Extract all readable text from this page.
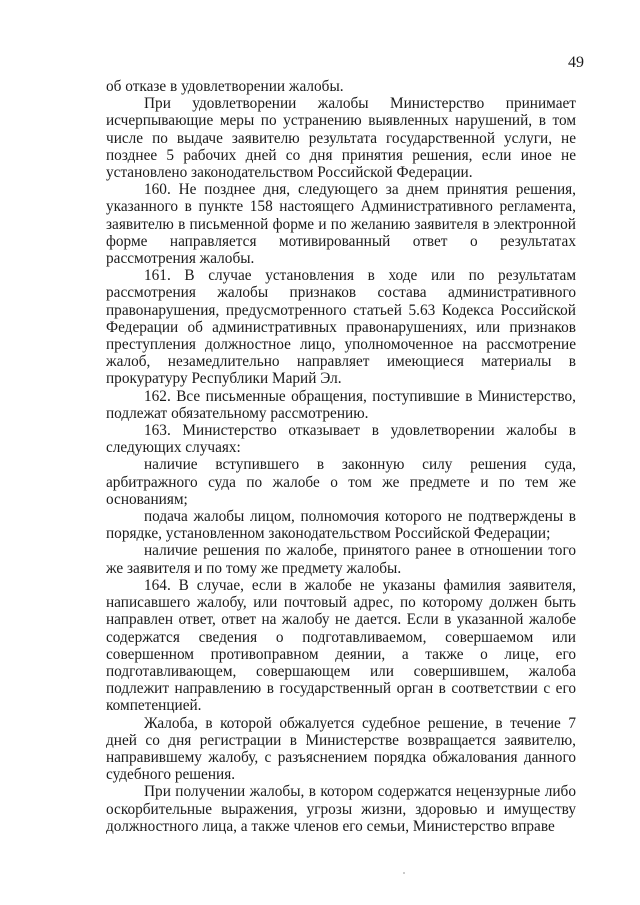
49

об отказе в удовлетворении жалобы.

При удовлетворении жалобы Министерство принимает исчерпывающие меры по устранению выявленных нарушений, в том числе по выдаче заявителю результата государственной услуги, не позднее 5 рабочих дней со дня принятия решения, если иное не установлено законодательством Российской Федерации.

160. Не позднее дня, следующего за днем принятия решения, указанного в пункте 158 настоящего Административного регламента, заявителю в письменной форме и по желанию заявителя в электронной форме направляется мотивированный ответ о результатах рассмотрения жалобы.

161. В случае установления в ходе или по результатам рассмотрения жалобы признаков состава административного правонарушения, предусмотренного статьей 5.63 Кодекса Российской Федерации об административных правонарушениях, или признаков преступления должностное лицо, уполномоченное на рассмотрение жалоб, незамедлительно направляет имеющиеся материалы в прокуратуру Республики Марий Эл.

162. Все письменные обращения, поступившие в Министерство, подлежат обязательному рассмотрению.

163. Министерство отказывает в удовлетворении жалобы в следующих случаях:

наличие вступившего в законную силу решения суда, арбитражного суда по жалобе о том же предмете и по тем же основаниям;

подача жалобы лицом, полномочия которого не подтверждены в порядке, установленном законодательством Российской Федерации;

наличие решения по жалобе, принятого ранее в отношении того же заявителя и по тому же предмету жалобы.

164. В случае, если в жалобе не указаны фамилия заявителя, написавшего жалобу, или почтовый адрес, по которому должен быть направлен ответ, ответ на жалобу не дается. Если в указанной жалобе содержатся сведения о подготавливаемом, совершаемом или совершенном противоправном деянии, а также о лице, его подготавливающем, совершающем или совершившем, жалоба подлежит направлению в государственный орган в соответствии с его компетенцией.

Жалоба, в которой обжалуется судебное решение, в течение 7 дней со дня регистрации в Министерстве возвращается заявителю, направившему жалобу, с разъяснением порядка обжалования данного судебного решения.

При получении жалобы, в котором содержатся нецензурные либо оскорбительные выражения, угрозы жизни, здоровью и имуществу должностного лица, а также членов его семьи, Министерство вправе
